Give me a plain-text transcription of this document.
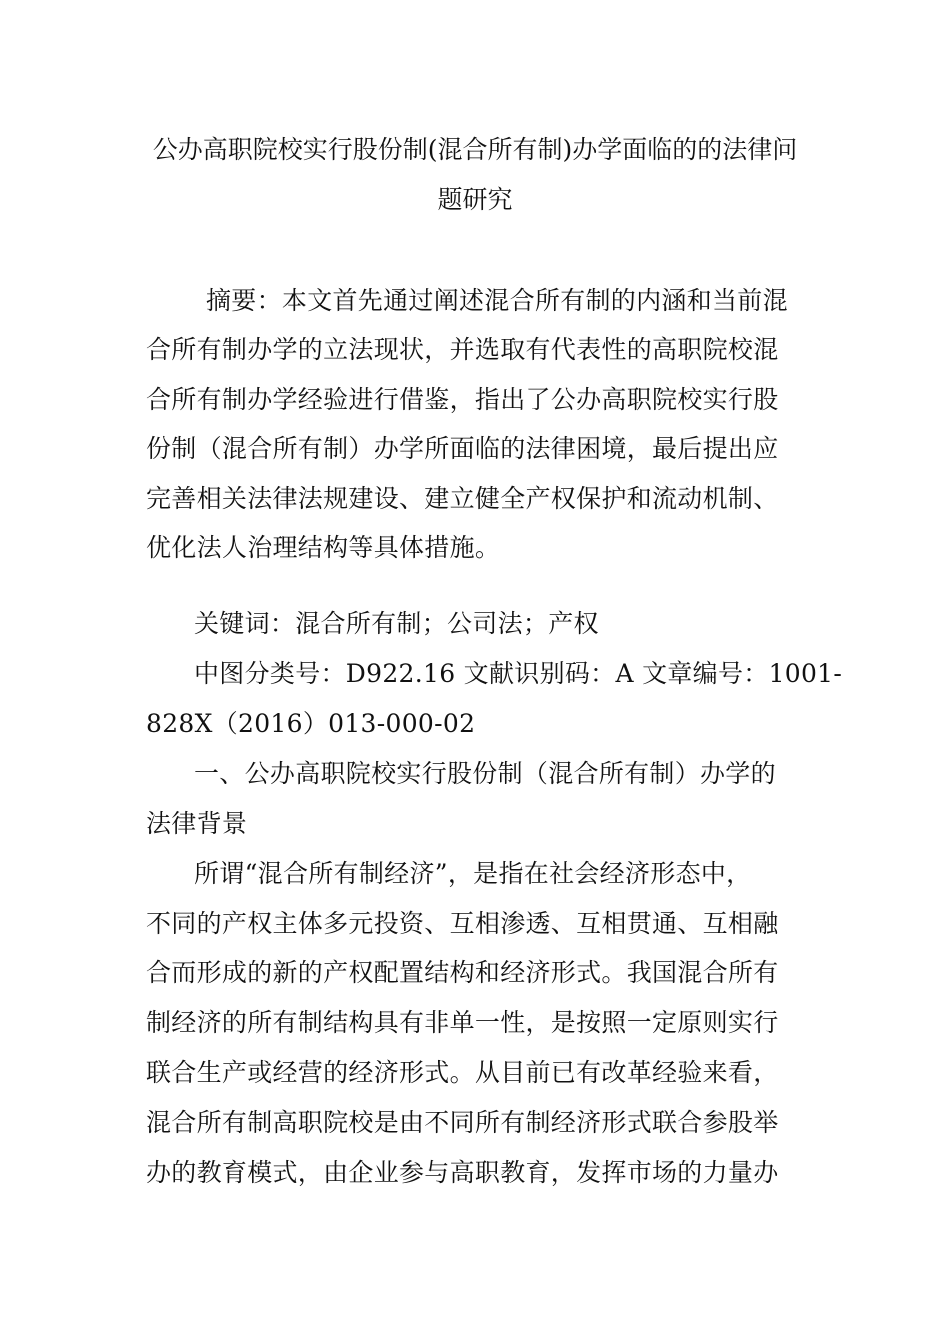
公办高职院校实行股份制(混合所有制)办学面临的的法律问
题研究
摘要：本文首先通过阐述混合所有制的内涵和当前混
合所有制办学的立法现状，并选取有代表性的高职院校混
合所有制办学经验进行借鉴，指出了公办高职院校实行股
份制（混合所有制）办学所面临的法律困境，最后提出应
完善相关法律法规建设、建立健全产权保护和流动机制、
优化法人治理结构等具体措施。
关键词：混合所有制；公司法；产权
中图分类号：D922.16 文献识别码：A 文章编号：1001-
828X（2016）013-000-02
一、公办高职院校实行股份制（混合所有制）办学的
法律背景
所谓“混合所有制经济”，是指在社会经济形态中，
不同的产权主体多元投资、互相渗透、互相贯通、互相融
合而形成的新的产权配置结构和经济形式。我国混合所有
制经济的所有制结构具有非单一性，是按照一定原则实行
联合生产或经营的经济形式。从目前已有改革经验来看，
混合所有制高职院校是由不同所有制经济形式联合参股举
办的教育模式，由企业参与高职教育，发挥市场的力量办
